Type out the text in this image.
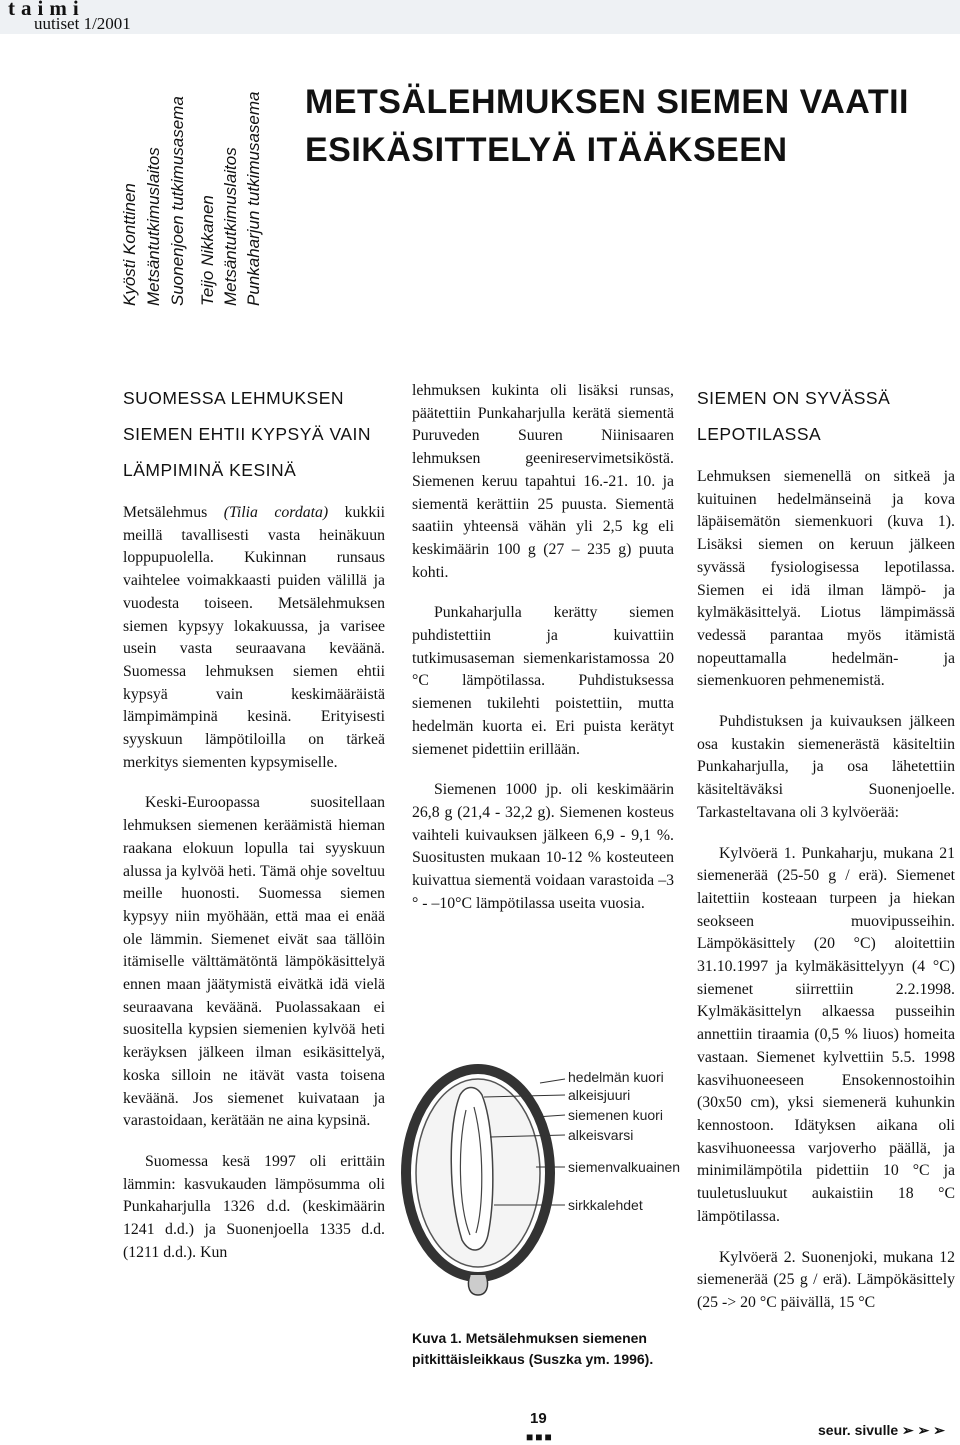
taimi
uutiset 1/2001
Kyösti Konttinen Metsäntutkimuslaitos Suonenjoen tutkimusasema Teijo Nikkanen Metsäntutkimuslaitos Punkaharjun tutkimusasema METSÄLEHMUKSEN SIEMEN VAATII
ESIKÄSITTELYÄ ITÄÄKSEEN
SUOMESSA LEHMUKSEN
SIEMEN EHTII KYPSYÄ VAIN
LÄMPIMINÄ KESINÄ

Metsälehmus (Tilia cordata) kukkii meillä tavallisesti vasta heinäkuun loppupuolella. Kukinnan runsaus vaihtelee voimakkaasti puiden välillä ja vuodesta toiseen. Metsälehmuksen siemen kypsyy lokakuussa, ja varisee usein vasta seuraavana keväänä. Suomessa lehmuksen siemen ehtii kypsyä vain keskimääräistä lämpimämpinä kesinä. Erityisesti syyskuun lämpötiloilla on tärkeä merkitys siementen kypsymiselle.

Keski-Euroopassa suositellaan lehmuksen siemenen keräämistä hieman raakana elokuun lopulla tai syyskuun alussa ja kylvöä heti. Tämä ohje soveltuu meille huonosti. Suomessa siemen kypsyy niin myöhään, että maa ei enää ole lämmin. Siemenet eivät saa tällöin itämiselle välttämätöntä lämpökäsittelyä ennen maan jäätymistä eivätkä idä vielä seuraavana keväänä. Puolassakaan ei suositella kypsien siemenien kylvöä heti keräyksen jälkeen ilman esikäsittelyä, koska silloin ne itävät vasta toisena keväänä. Jos siemenet kuivataan ja varastoidaan, kerätään ne aina kypsinä.

Suomessa kesä 1997 oli erittäin lämmin: kasvukauden lämpösumma oli Punkaharjulla 1326 d.d. (keskimäärin 1241 d.d.) ja Suonenjoella 1335 d.d. (1211 d.d.). Kun

lehmuksen kukinta oli lisäksi runsas, päätettiin Punkaharjulla kerätä siementä Puruveden Suuren Niinisaaren lehmuksen geenireservimetsiköstä. Siemenen keruu tapahtui 16.-21. 10. ja siementä kerättiin 25 puusta. Siementä saatiin yhteensä vähän yli 2,5 kg eli keskimäärin 100 g (27 – 235 g) puuta kohti.

Punkaharjulla kerätty siemen puhdistettiin ja kuivattiin tutkimusaseman siemenkaristamossa 20 °C lämpötilassa. Puhdistuksessa siemenen tukilehti poistettiin, mutta hedelmän kuorta ei. Eri puista kerätyt siemenet pidettiin erillään.

Siemenen 1000 jp. oli keskimäärin 26,8 g (21,4 - 32,2 g). Siemenen kosteus vaihteli kuivauksen jälkeen 6,9 - 9,1 %. Suositusten mukaan 10-12 % kosteuteen kuivattua siementä voidaan varastoida –3 ° - –10°C lämpötilassa useita vuosia.

hedelmän kuori
alkeisjuuri
siemenen kuori
alkeisvarsi
siemenvalkuainen
sirkkalehdet
Kuva 1. Metsälehmuksen siemenen
pitkittäisleikkaus (Suszka ym. 1996).
SIEMEN ON SYVÄSSÄ
LEPOTILASSA

Lehmuksen siemenellä on sitkeä ja kuituinen hedelmänseinä ja kova läpäisemätön siemenkuori (kuva 1). Lisäksi siemen on keruun jälkeen syvässä fysiologisessa lepotilassa. Siemen ei idä ilman lämpö- ja kylmäkäsittelyä. Liotus lämpimässä vedessä parantaa myös itämistä nopeuttamalla hedelmän- ja siemenkuoren pehmenemistä.

Puhdistuksen ja kuivauksen jälkeen osa kustakin siemenerästä käsiteltiin Punkaharjulla, ja osa lähetettiin käsiteltäväksi Suonenjoelle. Tarkasteltavana oli 3 kylvöerää:

Kylvöerä 1. Punkaharju, mukana 21 siemenerää (25-50 g / erä). Siemenet laitettiin kosteaan turpeen ja hiekan seokseen muovipusseihin. Lämpökäsittely (20 °C) aloitettiin 31.10.1997 ja kylmäkäsittelyyn (4 °C) siemenet siirrettiin 2.2.1998. Kylmäkäsittelyn alkaessa pusseihin annettiin tiraamia (0,5 % liuos) homeita vastaan. Siemenet kylvettiin 5.5. 1998 kasvihuoneeseen Ensokennostoihin (30x50 cm), yksi siemenerä kuhunkin kennostoon. Idätyksen aikana oli kasvihuoneessa varjoverho päällä, ja minimilämpötila pidettiin 10 °C ja tuuletusluukut aukaistiin 18 °C lämpötilassa.

Kylvöerä 2. Suonenjoki, mukana 12 siemenerää (25 g / erä). Lämpökäsittely (25 -> 20 °C päivällä, 15 °C

19
■■■	seur. sivulle ➢ ➢ ➢
